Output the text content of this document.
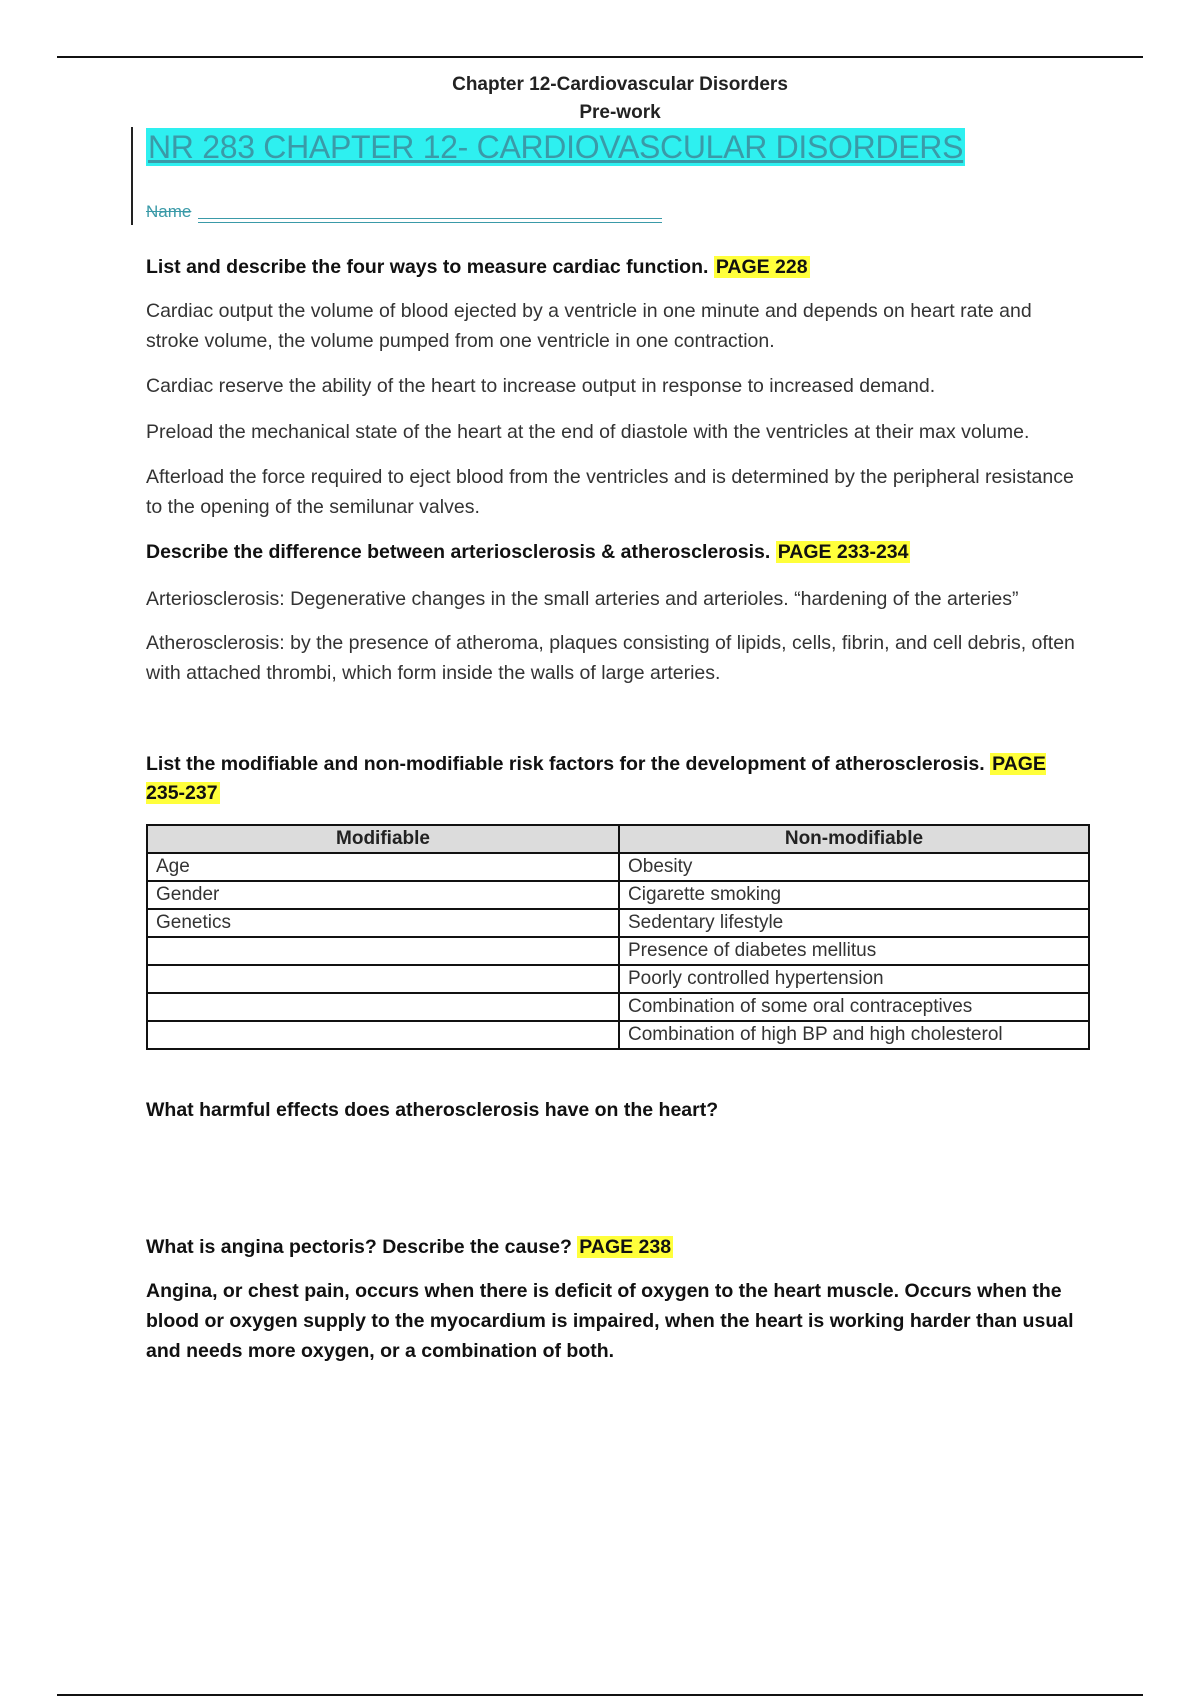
Chapter 12-Cardiovascular Disorders
Pre-work
NR 283 CHAPTER 12- CARDIOVASCULAR DISORDERS
Name
List and describe the four ways to measure cardiac function. PAGE 228
Cardiac output the volume of blood ejected by a ventricle in one minute and depends on heart rate and stroke volume, the volume pumped from one ventricle in one contraction.
Cardiac reserve the ability of the heart to increase output in response to increased demand.
Preload the mechanical state of the heart at the end of diastole with the ventricles at their max volume.
Afterload the force required to eject blood from the ventricles and is determined by the peripheral resistance to the opening of the semilunar valves.
Describe the difference between arteriosclerosis & atherosclerosis. PAGE 233-234
Arteriosclerosis: Degenerative changes in the small arteries and arterioles. “hardening of the arteries”
Atherosclerosis: by the presence of atheroma, plaques consisting of lipids, cells, fibrin, and cell debris, often with attached thrombi, which form inside the walls of large arteries.
List the modifiable and non-modifiable risk factors for the development of atherosclerosis. PAGE 235-237
Modifiable	Non-modifiable
Age	Obesity
Gender	Cigarette smoking
Genetics	Sedentary lifestyle
	Presence of diabetes mellitus
	Poorly controlled hypertension
	Combination of some oral contraceptives
	Combination of high BP and high cholesterol
What harmful effects does atherosclerosis have on the heart?
What is angina pectoris? Describe the cause? PAGE 238
Angina, or chest pain, occurs when there is deficit of oxygen to the heart muscle. Occurs when the blood or oxygen supply to the myocardium is impaired, when the heart is working harder than usual and needs more oxygen, or a combination of both.
